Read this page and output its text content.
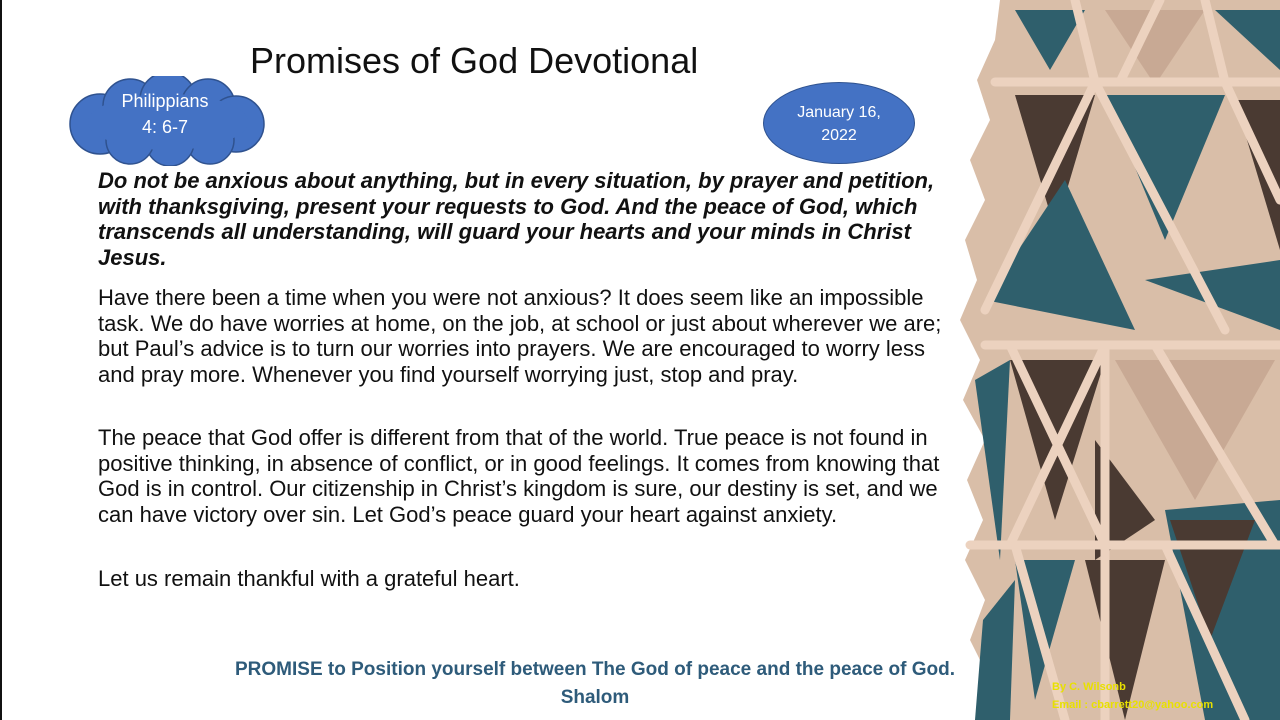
Promises of God Devotional
Philippians
4: 6-7
January 16,
2022

Do not be anxious about anything, but in every situation, by prayer and petition, with thanksgiving, present your requests to God. And the peace of God, which transcends all understanding, will guard your hearts and your minds in Christ Jesus.

Have there been a time when you were not anxious? It does seem like an impossible task. We do have worries at home, on the job, at school or just about wherever we are; but Paul’s advice is to turn our worries into prayers. We are encouraged to worry less and pray more. Whenever you find yourself worrying just, stop and pray.

The peace that God offer is different from that of the world. True peace is not found in positive thinking, in absence of conflict, or in good feelings. It comes from knowing that God is in control. Our citizenship in Christ’s kingdom is sure, our destiny is set, and we can have victory over sin. Let God’s peace guard your heart against anxiety.

Let us remain thankful with a grateful heart.

PROMISE to Position yourself between The God of peace and the peace of God. Shalom	By C. Wilsonb
Email : cbarrett20@yahoo.com
